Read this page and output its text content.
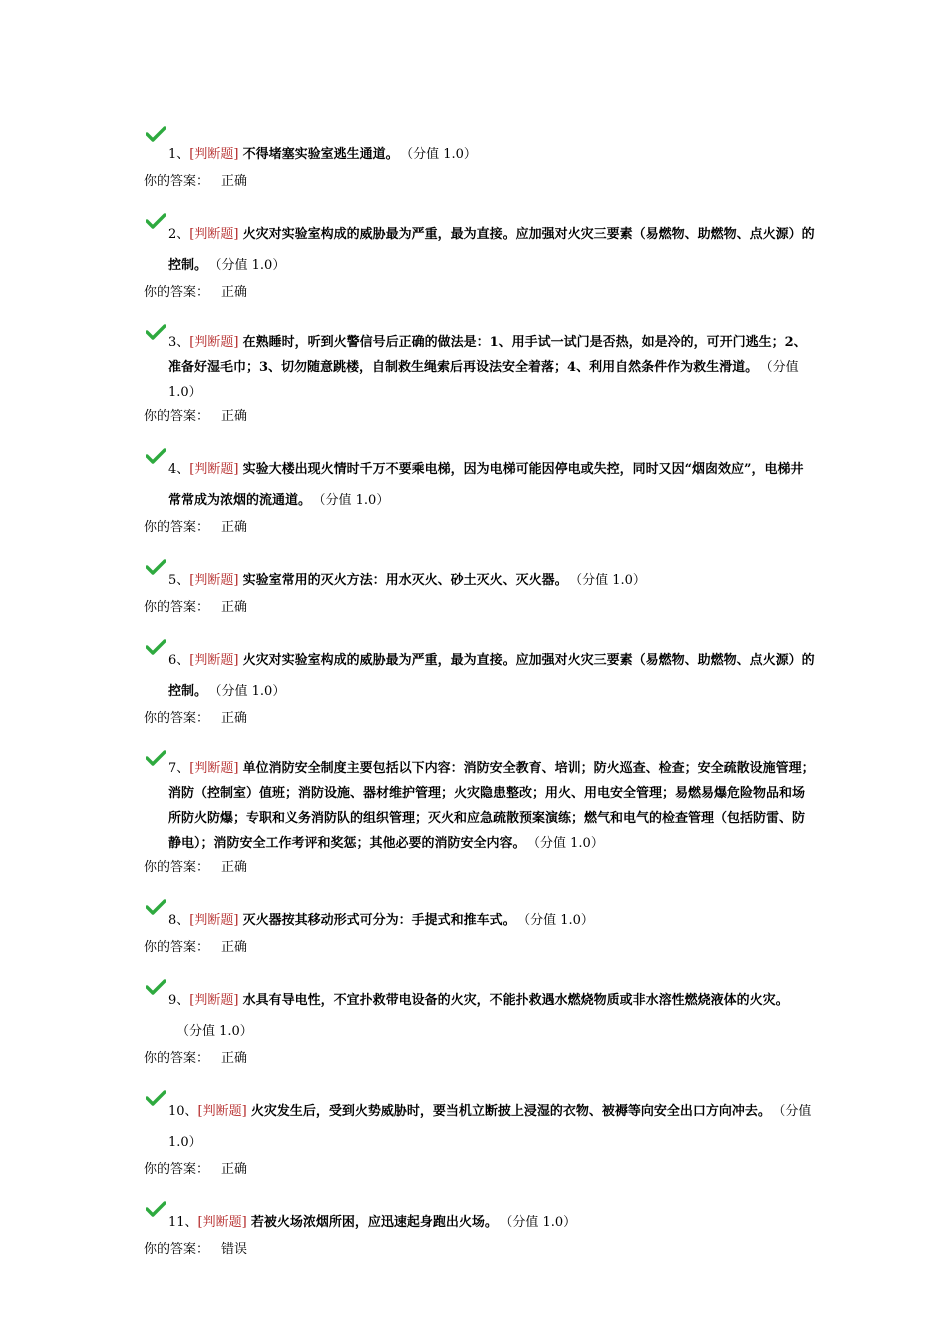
1、[判断题] 不得堵塞实验室逃生通道。 （分值 1.0）

你的答案： 正确

2、[判断题] 火灾对实验室构成的威胁最为严重，最为直接。应加强对火灾三要素（易燃物、助燃物、点火源）的控制。 （分值 1.0）

你的答案： 正确

3、[判断题] 在熟睡时，听到火警信号后正确的做法是：1、用手试一试门是否热，如是冷的，可开门逃生；2、准备好湿毛巾；3、切勿随意跳楼，自制救生绳索后再设法安全着落；4、利用自然条件作为救生滑道。 （分值 1.0）

你的答案： 正确

4、[判断题] 实验大楼出现火情时千万不要乘电梯，因为电梯可能因停电或失控，同时又因“烟囱效应”，电梯井常常成为浓烟的流通道。 （分值 1.0）

你的答案： 正确

5、[判断题] 实验室常用的灭火方法：用水灭火、砂土灭火、灭火器。 （分值 1.0）

你的答案： 正确

6、[判断题] 火灾对实验室构成的威胁最为严重，最为直接。应加强对火灾三要素（易燃物、助燃物、点火源）的控制。 （分值 1.0）

你的答案： 正确

7、[判断题] 单位消防安全制度主要包括以下内容：消防安全教育、培训；防火巡查、检查；安全疏散设施管理；消防（控制室）值班；消防设施、器材维护管理；火灾隐患整改；用火、用电安全管理；易燃易爆危险物品和场所防火防爆；专职和义务消防队的组织管理；灭火和应急疏散预案演练；燃气和电气的检查管理（包括防雷、防静电）；消防安全工作考评和奖惩；其他必要的消防安全内容。 （分值 1.0）

你的答案： 正确

8、[判断题] 灭火器按其移动形式可分为：手提式和推车式。 （分值 1.0）

你的答案： 正确

9、[判断题] 水具有导电性，不宜扑救带电设备的火灾，不能扑救遇水燃烧物质或非水溶性燃烧液体的火灾。（分值 1.0）

你的答案： 正确

10、[判断题] 火灾发生后，受到火势威胁时，要当机立断披上浸湿的衣物、被褥等向安全出口方向冲去。 （分值 1.0）

你的答案： 正确

11、[判断题] 若被火场浓烟所困，应迅速起身跑出火场。 （分值 1.0）

你的答案： 错误
